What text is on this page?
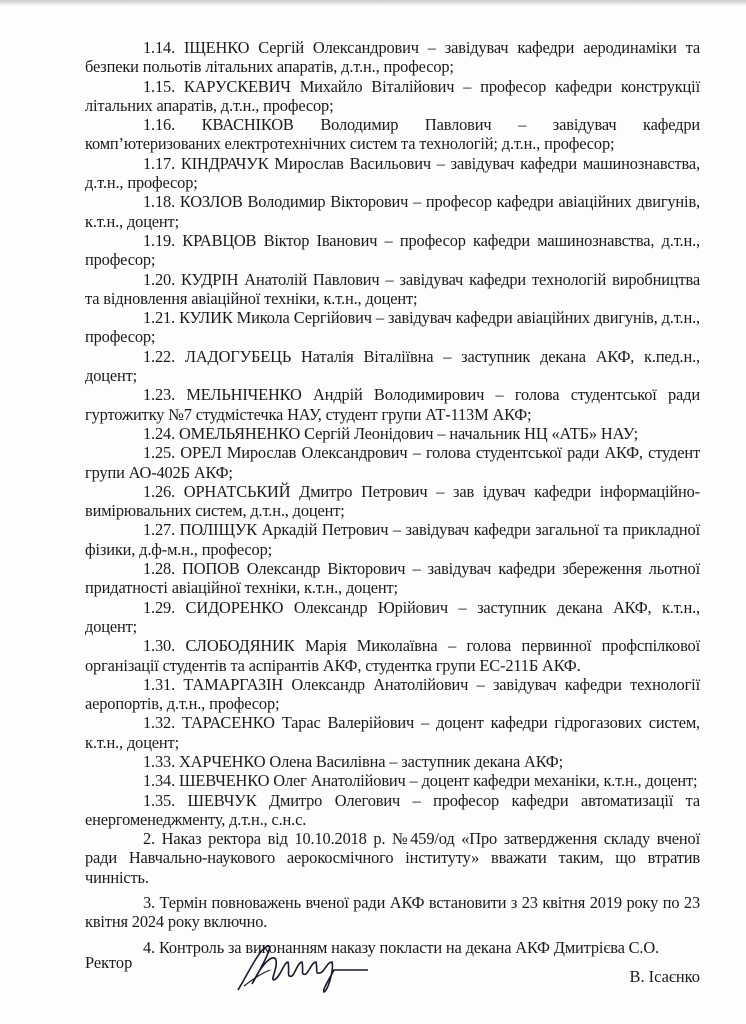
1.14. ІЩЕНКО Сергій Олександрович – завідувач кафедри аеродинаміки та безпеки польотів літальних апаратів, д.т.н., професор;

1.15. КАРУСКЕВИЧ Михайло Віталійович – професор кафедри конструкції літальних апаратів, д.т.н., професор;

1.16. КВАСНІКОВ Володимир Павлович – завідувач кафедри комп’ютеризованих електротехнічних систем та технологій; д.т.н., професор;

1.17. КІНДРАЧУК Мирослав Васильович – завідувач кафедри машинознавства, д.т.н., професор;

1.18. КОЗЛОВ Володимир Вікторович – професор кафедри авіаційних двигунів, к.т.н., доцент;

1.19. КРАВЦОВ Віктор Іванович – професор кафедри машинознавства, д.т.н., професор;

1.20. КУДРІН Анатолій Павлович – завідувач кафедри технологій виробництва та відновлення авіаційної техніки, к.т.н., доцент;

1.21. КУЛИК Микола Сергійович – завідувач кафедри авіаційних двигунів, д.т.н., професор;

1.22. ЛАДОГУБЕЦЬ Наталія Віталіївна – заступник декана АКФ, к.пед.н., доцент;

1.23. МЕЛЬНІЧЕНКО Андрій Володимирович – голова студентської ради гуртожитку №7 студмістечка НАУ, студент групи АТ-113М АКФ;

1.24. ОМЕЛЬЯНЕНКО Сергій Леонідович – начальник НЦ «АТБ» НАУ;

1.25. ОРЕЛ Мирослав Олександрович – голова студентської ради АКФ, студент групи АО-402Б АКФ;

1.26. ОРНАТСЬКИЙ Дмитро Петрович – зав ідувач кафедри інформаційно-вимірювальних систем, д.т.н., доцент;

1.27. ПОЛІЩУК Аркадій Петрович – завідувач кафедри загальної та прикладної фізики, д.ф-м.н., професор;

1.28. ПОПОВ Олександр Вікторович – завідувач кафедри збереження льотної придатності авіаційної техніки, к.т.н., доцент;

1.29. СИДОРЕНКО Олександр Юрійович – заступник декана АКФ, к.т.н., доцент;

1.30. СЛОБОДЯНИК Марія Миколаївна – голова первинної профспілкової організації студентів та аспірантів АКФ, студентка групи ЕС-211Б АКФ.

1.31. ТАМАРГАЗІН Олександр Анатолійович – завідувач кафедри технології аеропортів, д.т.н., професор;

1.32. ТАРАСЕНКО Тарас Валерійович – доцент кафедри гідрогазових систем, к.т.н., доцент;

1.33. ХАРЧЕНКО Олена Василівна – заступник декана АКФ;

1.34. ШЕВЧЕНКО Олег Анатолійович – доцент кафедри механіки, к.т.н., доцент;

1.35. ШЕВЧУК Дмитро Олегович – професор кафедри автоматизації та енергоменеджменту, д.т.н., с.н.с.

2. Наказ ректора від 10.10.2018 р. №459/од «Про затвердження складу вченої ради Навчально-наукового аерокосмічного інституту» вважати таким, що втратив чинність.

3. Термін повноважень вченої ради АКФ встановити з 23 квітня 2019 року по 23 квітня 2024 року включно.

4. Контроль за виконанням наказу покласти на декана АКФ Дмитрієва С.О.

Ректор
В. Ісаєнко
